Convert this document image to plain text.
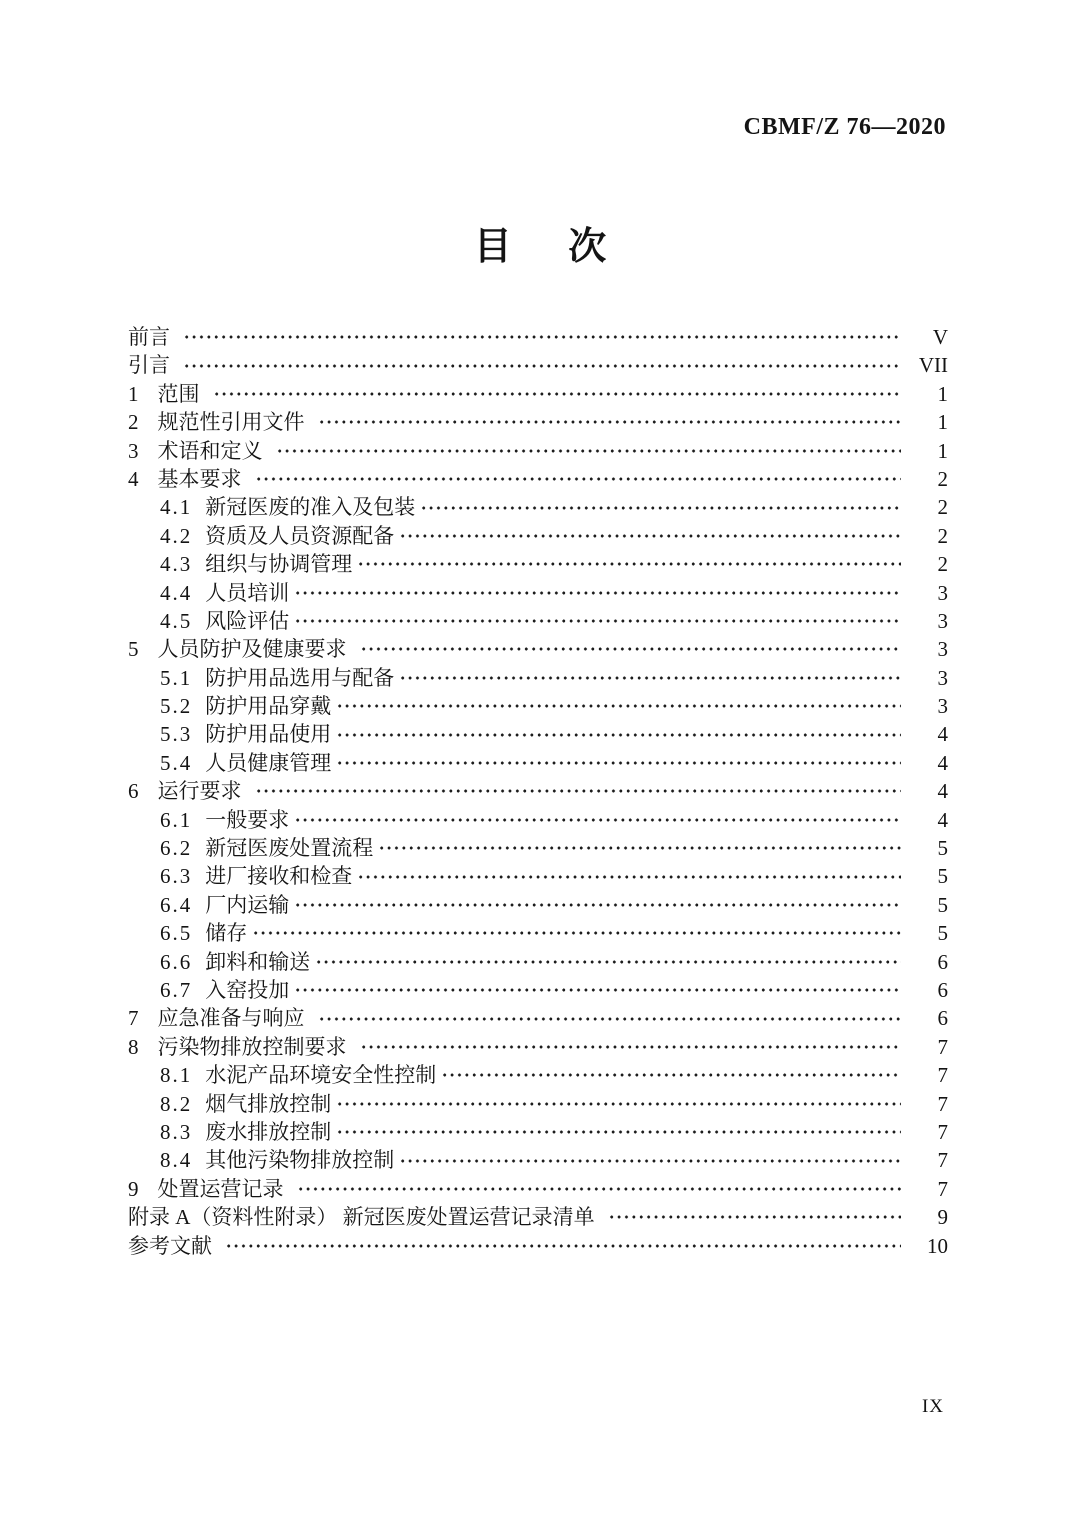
CBMF/Z 76—2020
目 次
前言	V
引言	VII
1 范围	1
2 规范性引用文件	1
3 术语和定义	1
4 基本要求	2
4.1 新冠医废的准入及包装	2
4.2 资质及人员资源配备	2
4.3 组织与协调管理	2
4.4 人员培训	3
4.5 风险评估	3
5 人员防护及健康要求	3
5.1 防护用品选用与配备	3
5.2 防护用品穿戴	3
5.3 防护用品使用	4
5.4 人员健康管理	4
6 运行要求	4
6.1 一般要求	4
6.2 新冠医废处置流程	5
6.3 进厂接收和检查	5
6.4 厂内运输	5
6.5 储存	5
6.6 卸料和输送	6
6.7 入窑投加	6
7 应急准备与响应	6
8 污染物排放控制要求	7
8.1 水泥产品环境安全性控制	7
8.2 烟气排放控制	7
8.3 废水排放控制	7
8.4 其他污染物排放控制	7
9 处置运营记录	7
附录 A（资料性附录） 新冠医废处置运营记录清单	9
参考文献	10
IX
